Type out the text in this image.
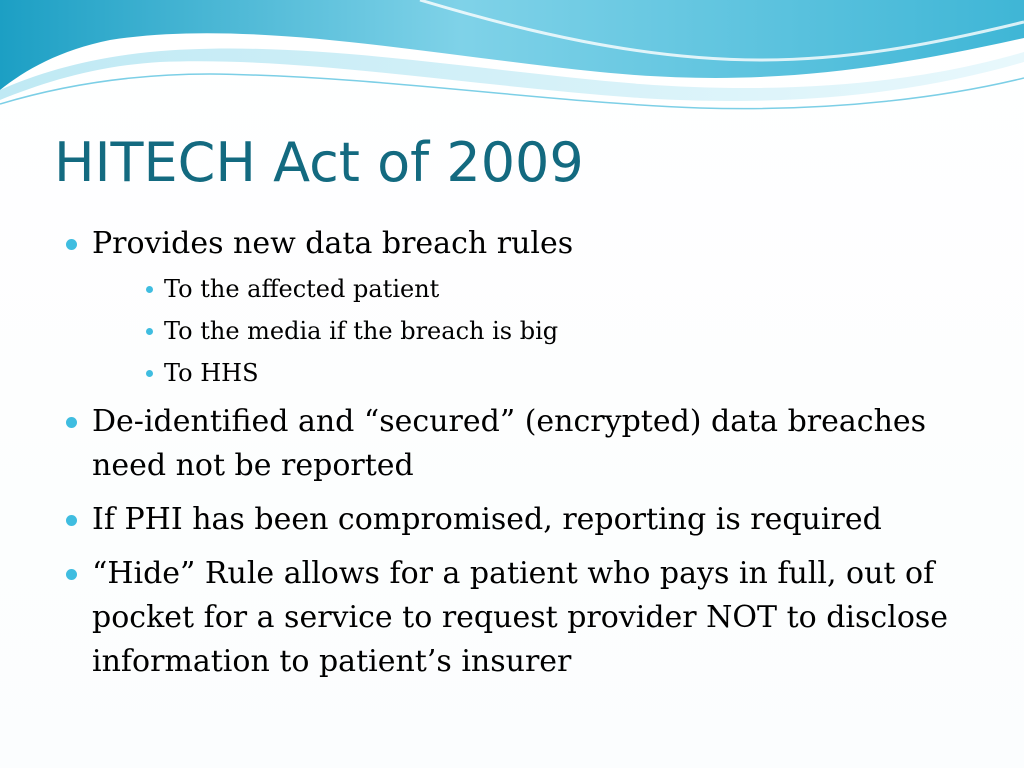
HITECH Act of 2009
Provides new data breach rules
To the affected patient
To the media if the breach is big
To HHS
De-identified and “secured” (encrypted) data breaches need not be reported
If PHI has been compromised, reporting is required
“Hide” Rule allows for a patient who pays in full, out of pocket for a service to request provider NOT to disclose information to patient’s insurer
